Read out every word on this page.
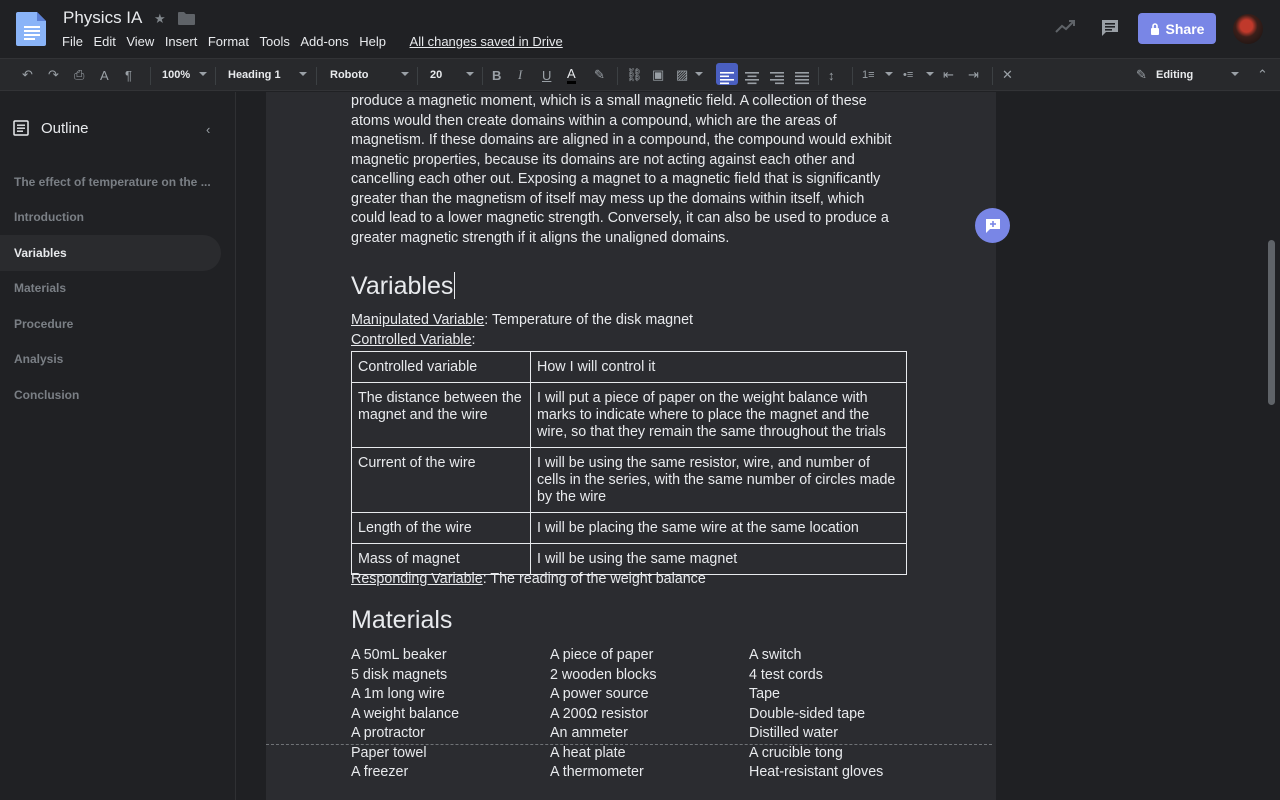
Physics IA ★
File Edit View Insert Format Tools Add-ons Help All changes saved in Drive
Share
↶ ↷ ⎙ A ¶	100%	Heading 1	Roboto	20	B I U A ✎ ⛓ ▣ ▨	↕	1≡	•≡ ⇤ ⇥ ✕	✎ Editing	⌃
Outline	‹
The effect of temperature on the ...
Introduction
Variables
Materials
Procedure
Analysis
Conclusion
produce a magnetic moment, which is a small magnetic field. A collection of these
atoms would then create domains within a compound, which are the areas of
magnetism. If these domains are aligned in a compound, the compound would exhibit
magnetic properties, because its domains are not acting against each other and
cancelling each other out. Exposing a magnet to a magnetic field that is significantly
greater than the magnetism of itself may mess up the domains within itself, which
could lead to a lower magnetic strength. Conversely, it can also be used to produce a
greater magnetic strength if it aligns the unaligned domains.
Variables
Manipulated Variable: Temperature of the disk magnet
Controlled Variable:
Controlled variable	How I will control it
The distance between the magnet and the wire	I will put a piece of paper on the weight balance with marks to indicate where to place the magnet and the wire, so that they remain the same throughout the trials
Current of the wire	I will be using the same resistor, wire, and number of cells in the series, with the same number of circles made by the wire
Length of the wire	I will be placing the same wire at the same location
Mass of magnet	I will be using the same magnet
Responding Variable: The reading of the weight balance
Materials
A 50mL beaker
5 disk magnets
A 1m long wire
A weight balance
A protractor
Paper towel
A freezer
A piece of paper
2 wooden blocks
A power source
A 200Ω resistor
An ammeter
A heat plate
A thermometer
A switch
4 test cords
Tape
Double-sided tape
Distilled water
A crucible tong
Heat-resistant gloves
